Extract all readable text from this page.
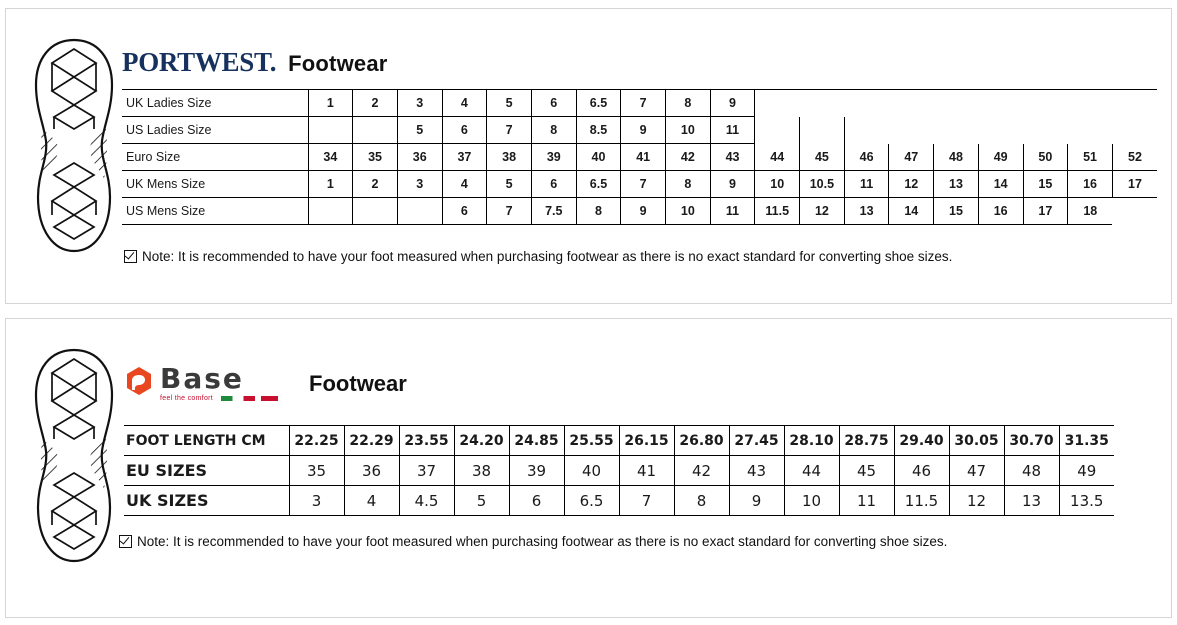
PORTWEST. Footwear
UK Ladies Size	1	2	3	4	5	6	6.5	7	8	9									
US Ladies Size			5	6	7	8	8.5	9	10	11									
Euro Size	34	35	36	37	38	39	40	41	42	43	44	45	46	47	48	49	50	51	52
UK Mens Size	1	2	3	4	5	6	6.5	7	8	9	10	10.5	11	12	13	14	15	16	17
US Mens Size				6	7	7.5	8	9	10	11	11.5	12	13	14	15	16	17	18	
Note: It is recommended to have your foot measured when purchasing footwear as there is no exact standard for converting shoe sizes.
Base
feel the comfort
Footwear
FOOT LENGTH CM	22.25	22.29	23.55	24.20	24.85	25.55	26.15	26.80	27.45	28.10	28.75	29.40	30.05	30.70	31.35
EU SIZES	35	36	37	38	39	40	41	42	43	44	45	46	47	48	49
UK SIZES	3	4	4.5	5	6	6.5	7	8	9	10	11	11.5	12	13	13.5
Note: It is recommended to have your foot measured when purchasing footwear as there is no exact standard for converting shoe sizes.
